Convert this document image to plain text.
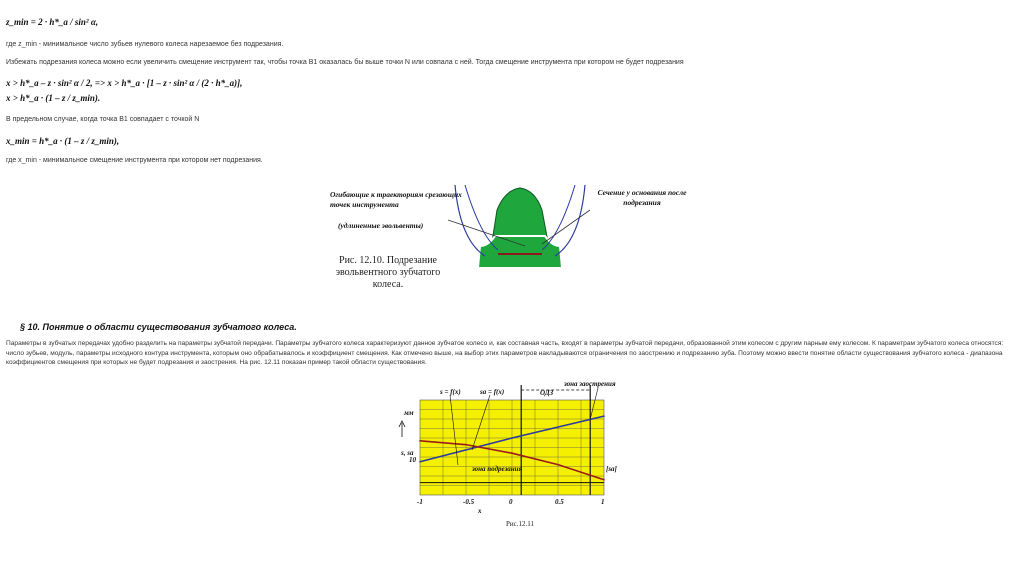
z_min = 2 · h*_a / sin² α,
где z_min - минимальное число зубьев нулевого колеса нарезаемое без подрезания.
Избежать подрезания колеса можно если увеличить смещение инструмент так, чтобы точка B1 оказалась бы выше точки N или совпала с ней. Тогда смещение инструмента при котором не будет подрезания
x > h*_a – z · sin² α / 2, => x > h*_a · [1 – z · sin² α / (2 · h*_a)],
x > h*_a · (1 – z / z_min).
В предельном случае, когда точка B1 совпадает с точкой N
x_min = h*_a · (1 – z / z_min),
где x_min - минимальное смещение инструмента при котором нет подрезания.
Огибающие к траекториям срезающих точек инструмента
(удлиненные эвольвенты)
Сечение у основания после подрезания
Рис. 12.10. Подрезание эвольвентного зубчатого колеса.
§ 10. Понятие о области существования зубчатого колеса.
Параметры в зубчатых передачах удобно разделить на параметры зубчатой передачи. Параметры зубчатого колеса характеризуют данное зубчатое колесо и, как составная часть, входят в параметры зубчатой передачи, образованной этим колесом с другим парным ему колесом. К параметрам зубчатого колеса относятся: число зубьев, модуль, параметры исходного контура инструмента, которым оно обрабатывалось и коэффициент смещения. Как отмечено выше, на выбор этих параметров накладываются ограничения по заострению и подрезанию зуба. Поэтому можно ввести понятие области существования зубчатого колеса - диапазона коэффициентов смещения при которых не будет подрезания и заострения. На рис. 12.11 показан пример такой области существования.
-1	-0.5	0	0.5	1
x
s, sa
мм
10
s = f(x)	sa = f(x)	ОДЗ
зона заострения
зона подрезания	[sa]
Рис.12.11
